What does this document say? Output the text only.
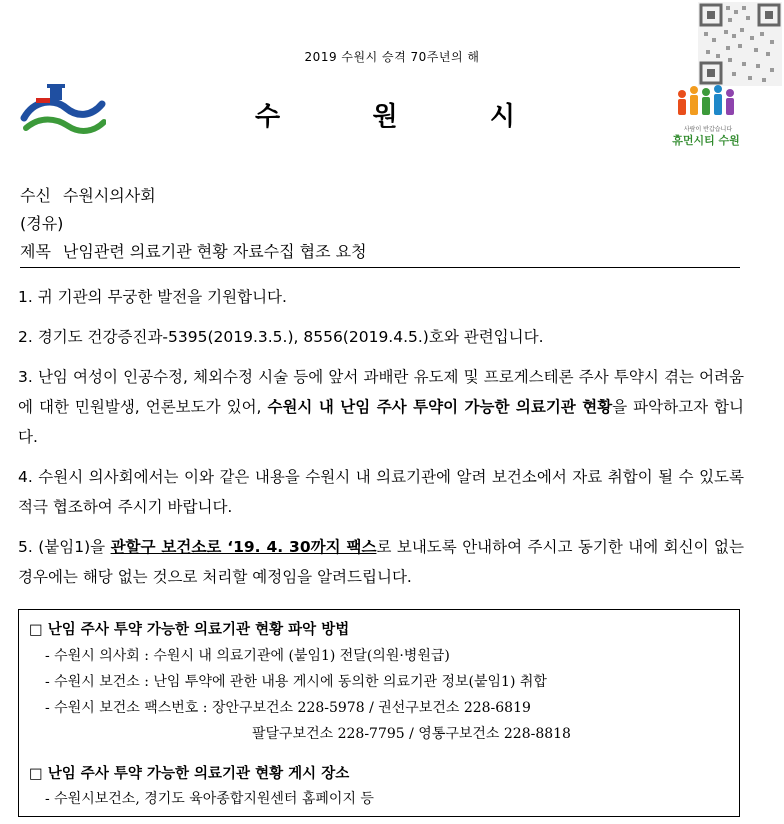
2019 수원시 승격 70주년의 해
수	원	시	사람이 반갑습니다
휴먼시티 수원
수신 수원시의사회
(경유)
제목 난임관련 의료기관 현황 자료수집 협조 요청

1. 귀 기관의 무궁한 발전을 기원합니다.

2. 경기도 건강증진과-5395(2019.3.5.), 8556(2019.4.5.)호와 관련입니다.

3. 난임 여성이 인공수정, 체외수정 시술 등에 앞서 과배란 유도제 및 프로게스테론 주사 투약시 겪는 어려움에 대한 민원발생, 언론보도가 있어, 수원시 내 난임 주사 투약이 가능한 의료기관 현황을 파악하고자 합니다.

4. 수원시 의사회에서는 이와 같은 내용을 수원시 내 의료기관에 알려 보건소에서 자료 취합이 될 수 있도록 적극 협조하여 주시기 바랍니다.

5. (붙임1)을 관할구 보건소로 ‘19. 4. 30까지 팩스로 보내도록 안내하여 주시고 동기한 내에 회신이 없는 경우에는 해당 없는 것으로 처리할 예정임을 알려드립니다.

□ 난임 주사 투약 가능한 의료기관 현황 파악 방법
- 수원시 의사회 : 수원시 내 의료기관에 (붙임1) 전달(의원·병원급)
- 수원시 보건소 : 난임 투약에 관한 내용 게시에 동의한 의료기관 정보(붙임1) 취합
- 수원시 보건소 팩스번호 : 장안구보건소 228-5978 / 권선구보건소 228-6819
팔달구보건소 228-7795 / 영통구보건소 228-8818
□ 난임 주사 투약 가능한 의료기관 현황 게시 장소
- 수원시보건소, 경기도 육아종합지원센터 홈페이지 등
